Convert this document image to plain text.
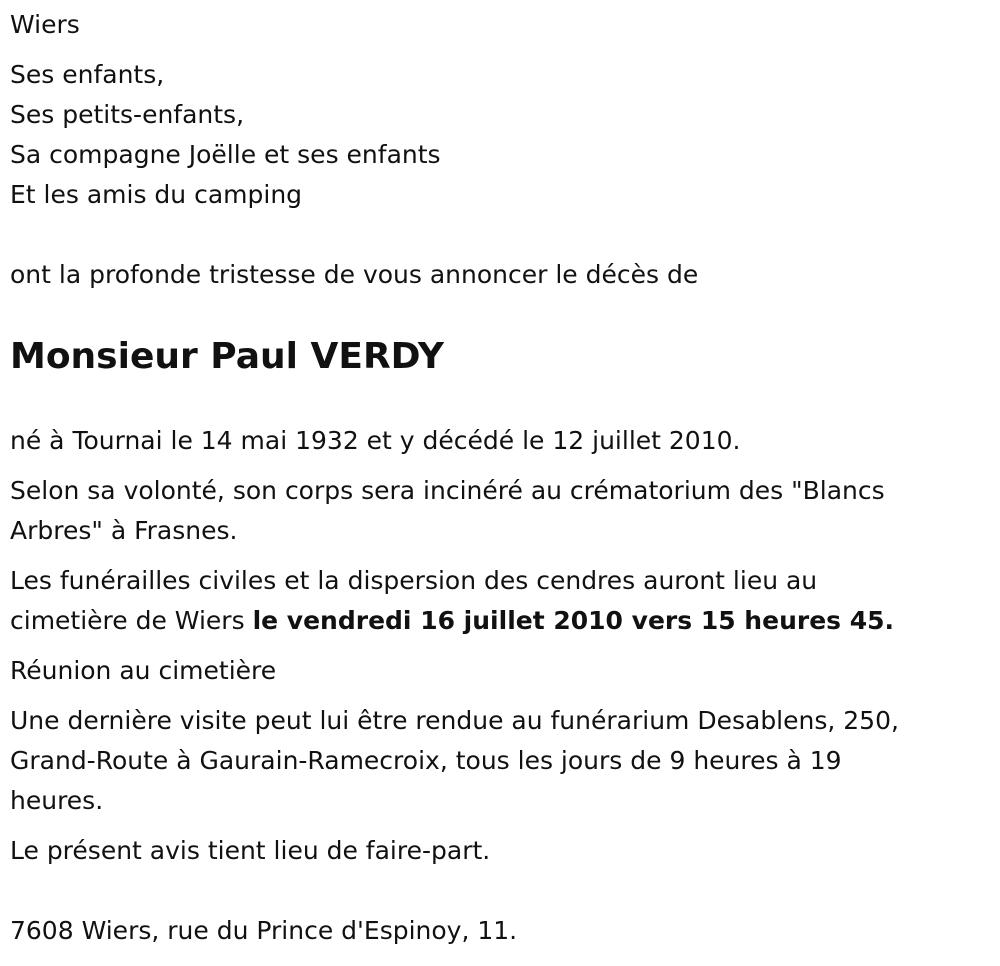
Wiers

Ses enfants,

Ses petits-enfants,

Sa compagne Joëlle et ses enfants

Et les amis du camping

ont la profonde tristesse de vous annoncer le décès de

Monsieur Paul VERDY

né à Tournai le 14 mai 1932 et y décédé le 12 juillet 2010.

Selon sa volonté, son corps sera incinéré au crématorium des "Blancs

Arbres" à Frasnes.

Les funérailles civiles et la dispersion des cendres auront lieu au

cimetière de Wiers le vendredi 16 juillet 2010 vers 15 heures 45.

Réunion au cimetière

Une dernière visite peut lui être rendue au funérarium Desablens, 250,

Grand-Route à Gaurain-Ramecroix, tous les jours de 9 heures à 19

heures.

Le présent avis tient lieu de faire-part.

7608 Wiers, rue du Prince d'Espinoy, 11.
